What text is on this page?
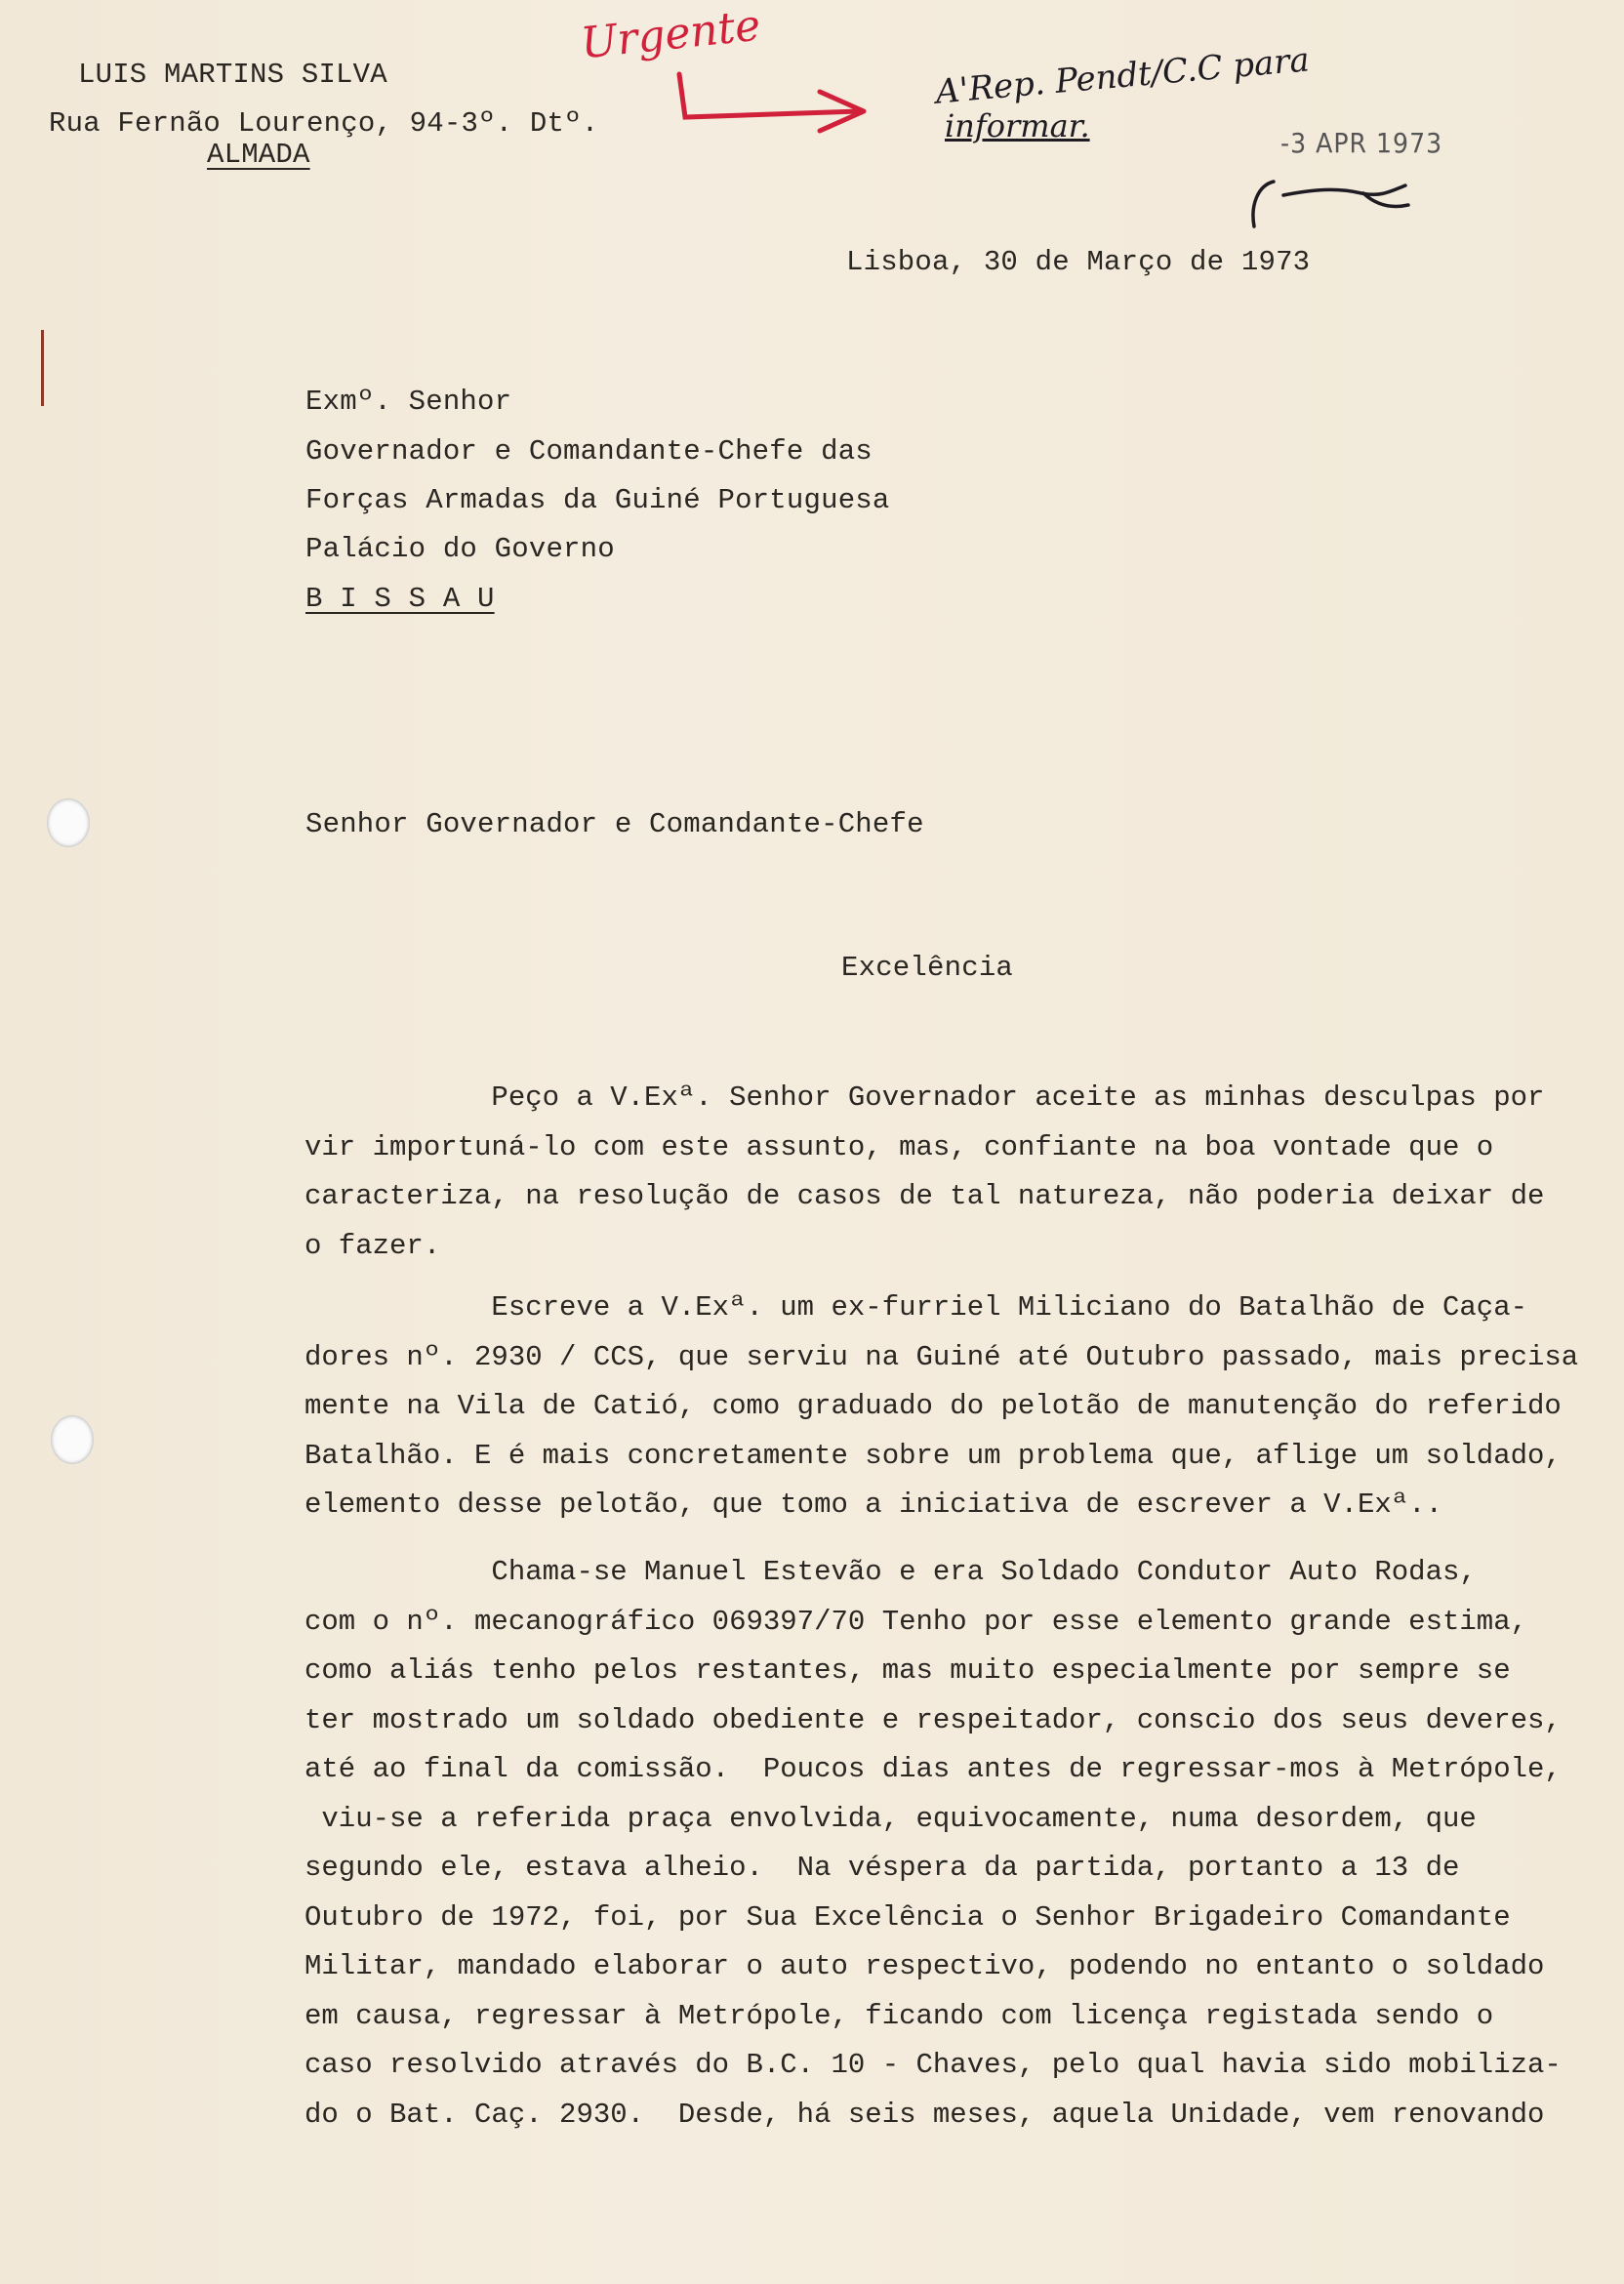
LUIS MARTINS SILVA
Rua Fernão Lourenço, 94-3º. Dtº.
ALMADA
Urgente
A'Rep. Pendt/C.C para
informar.	-3 APR 1973
Lisboa, 30 de Março de 1973
Exmº. Senhor
Governador e Comandante-Chefe das
Forças Armadas da Guiné Portuguesa
Palácio do Governo
B I S S A U
Senhor Governador e Comandante-Chefe
Excelência
Peço a V.Exª. Senhor Governador aceite as minhas desculpas por
vir importuná-lo com este assunto, mas, confiante na boa vontade que o
caracteriza, na resolução de casos de tal natureza, não poderia deixar de
o fazer.
Escreve a V.Exª. um ex-furriel Miliciano do Batalhão de Caça-
dores nº. 2930 / CCS, que serviu na Guiné até Outubro passado, mais precisa
mente na Vila de Catió, como graduado do pelotão de manutenção do referido
Batalhão. E é mais concretamente sobre um problema que, aflige um soldado,
elemento desse pelotão, que tomo a iniciativa de escrever a V.Exª..
Chama-se Manuel Estevão e era Soldado Condutor Auto Rodas,
com o nº. mecanográfico 069397/70 Tenho por esse elemento grande estima,
como aliás tenho pelos restantes, mas muito especialmente por sempre se
ter mostrado um soldado obediente e respeitador, conscio dos seus deveres,
até ao final da comissão.  Poucos dias antes de regressar-mos à Metrópole,
viu-se a referida praça envolvida, equivocamente, numa desordem, que
segundo ele, estava alheio.  Na véspera da partida, portanto a 13 de
Outubro de 1972, foi, por Sua Excelência o Senhor Brigadeiro Comandante
Militar, mandado elaborar o auto respectivo, podendo no entanto o soldado
em causa, regressar à Metrópole, ficando com licença registada sendo o
caso resolvido através do B.C. 10 - Chaves, pelo qual havia sido mobiliza-
do o Bat. Caç. 2930.  Desde, há seis meses, aquela Unidade, vem renovando
